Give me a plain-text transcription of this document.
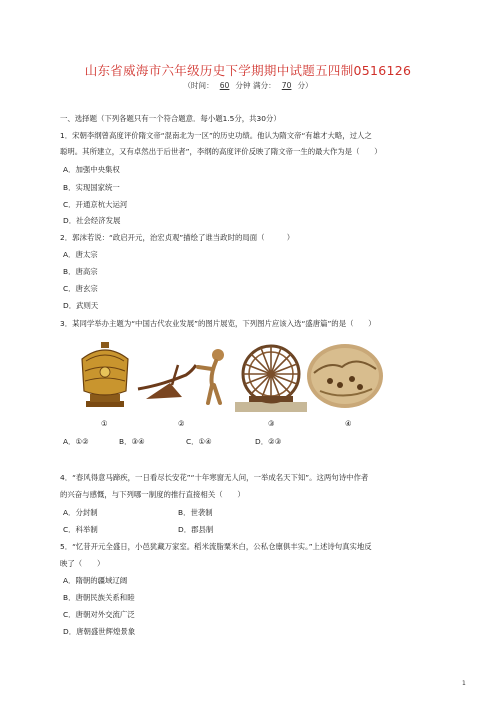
山东省威海市六年级历史下学期期中试题五四制0516126
（时间： 60 分钟 满分： 70 分）
一、选择题（下列各题只有一个符合题意．每小题1.5分，共30分）
1．宋朝李纲曾高度评价隋文帝“混南北为一区”的历史功绩。他认为隋文帝“有雄才大略，过人之
聪明。其所建立，又有卓然出于后世者”，李纲的高度评价反映了隋文帝一生的最大作为是（　　）
A．加强中央集权
B．实现国家统一
C．开通京杭大运河
D．社会经济发展
2．郭沫若说：“政启开元，治宏贞观”描绘了谁当政时的局面（　　　）
A．唐太宗
B．唐高宗
C．唐玄宗
D．武则天
3．某同学举办主题为“中国古代农业发展”的图片展览，下列图片应该入选“盛唐篇”的是（　　）
①	②	③	④
A．①②	B．③④	C．①④	D．②③
4．“春风得意马蹄疾，一日看尽长安花”“十年寒窗无人问，一举成名天下知”。这两句诗中作者
的兴奋与感慨，与下列哪一制度的推行直接相关（　　）
A．分封制	B．世袭制
C．科举制	D．郡县制
5．“忆昔开元全盛日，小邑犹藏万家室。稻米流脂粟米白，公私仓廪俱丰实。”上述诗句真实地反
映了（　　）
A．隋朝的疆域辽阔
B．唐朝民族关系和睦
C．唐朝对外交流广泛
D．唐朝盛世辉煌景象
1
